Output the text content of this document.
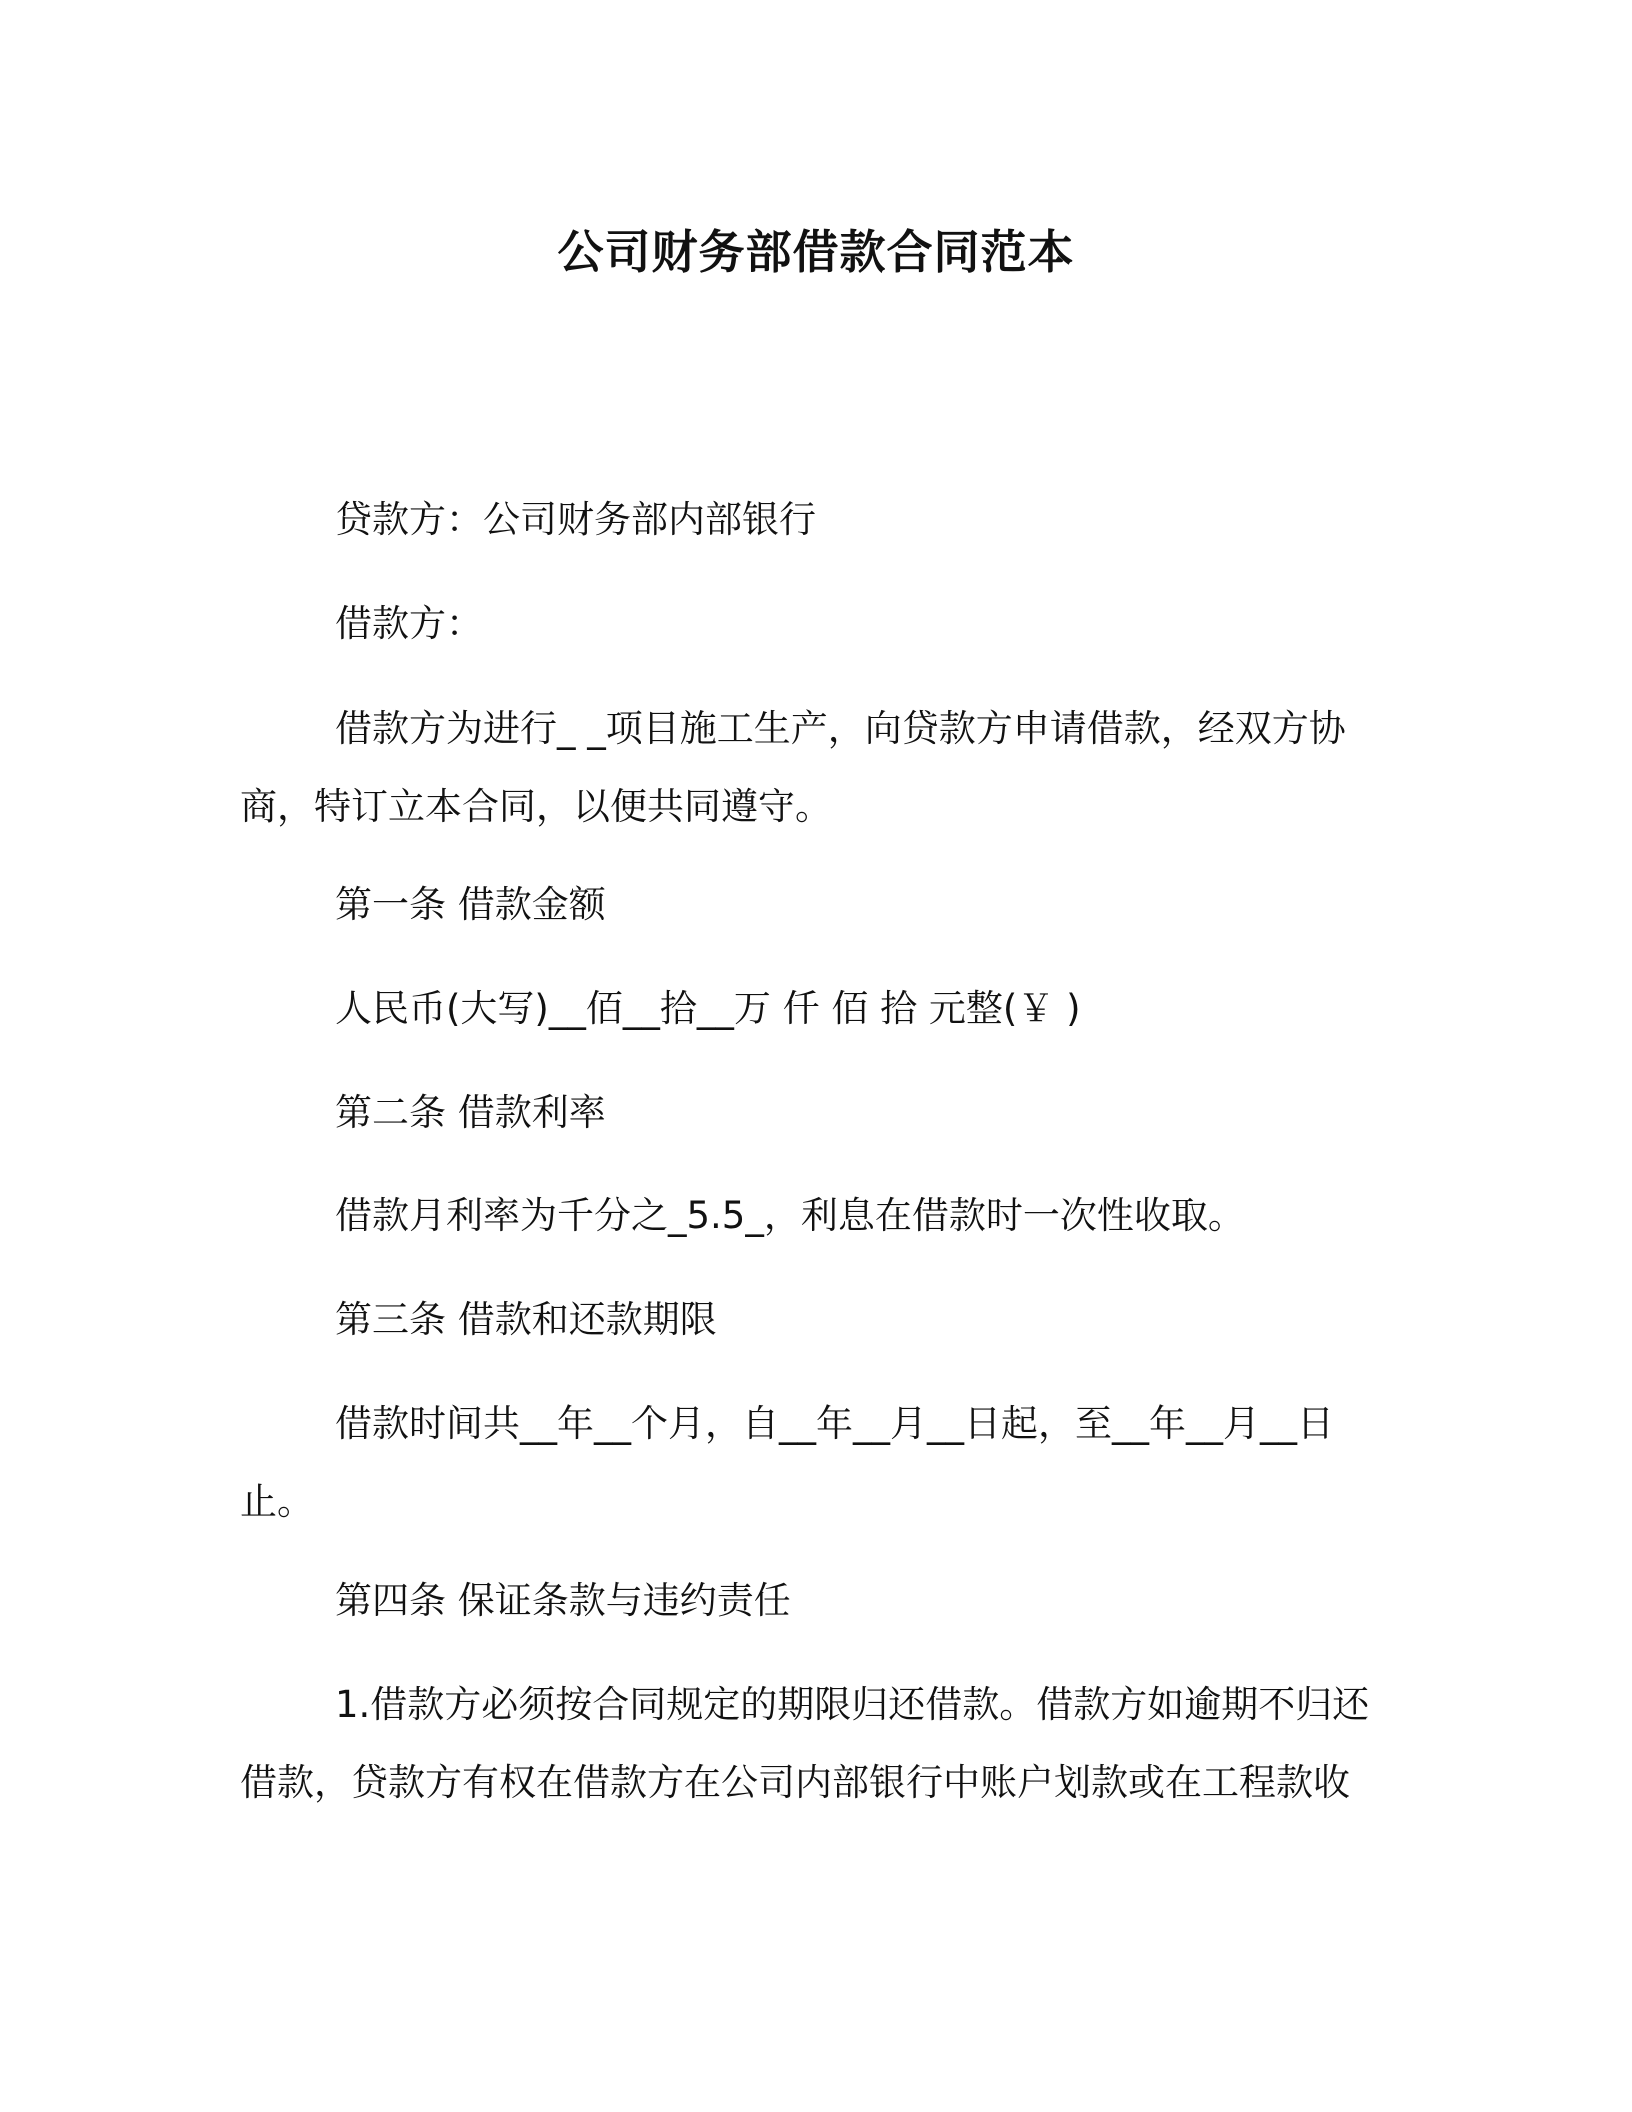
公司财务部借款合同范本

贷款方：公司财务部内部银行

借款方：

借款方为进行_ _项目施工生产，向贷款方申请借款，经双方协商，特订立本合同，以便共同遵守。

第一条 借款金额

人民币(大写)__佰__拾__万 仟 佰 拾 元整(￥ )

第二条 借款利率

借款月利率为千分之_5.5_，利息在借款时一次性收取。

第三条 借款和还款期限

借款时间共__年__个月，自__年__月__日起，至__年__月__日止。

第四条 保证条款与违约责任

1.借款方必须按合同规定的期限归还借款。借款方如逾期不归还借款，贷款方有权在借款方在公司内部银行中账户划款或在工程款收
